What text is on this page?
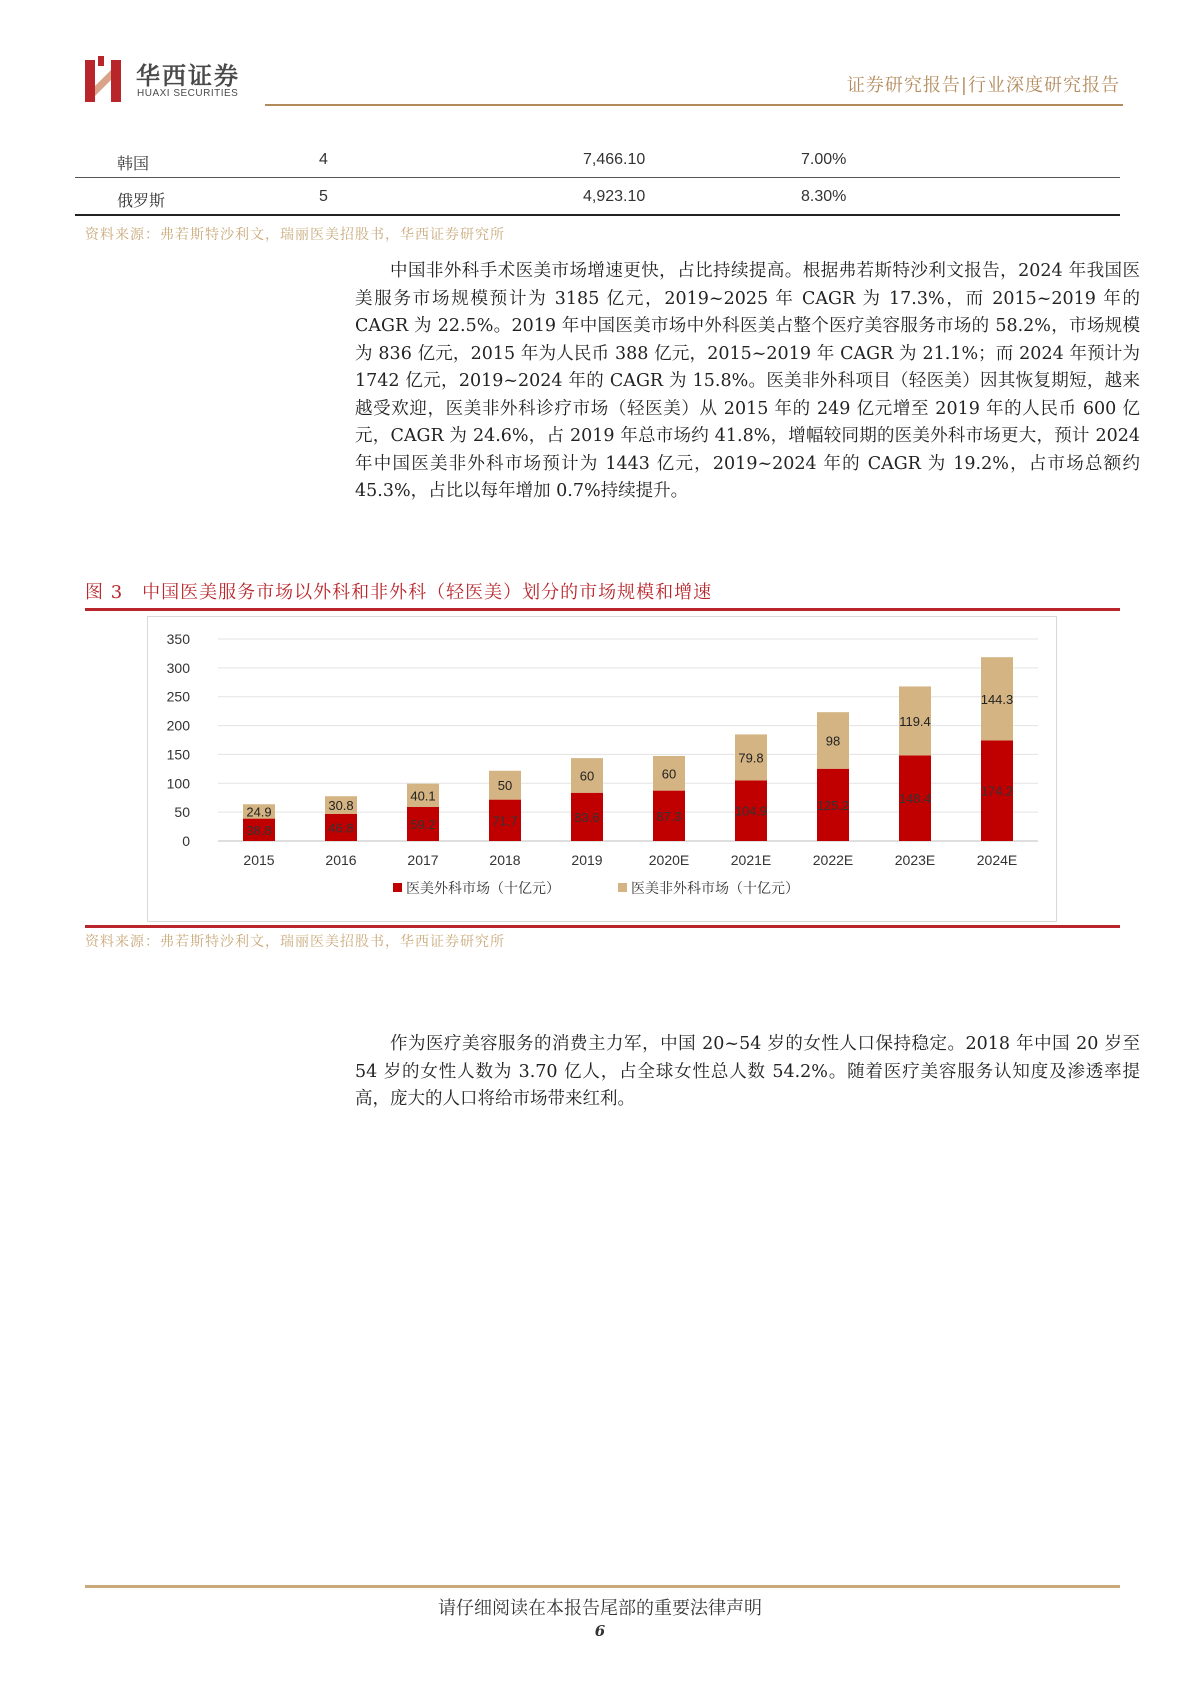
华西证券
HUAXI SECURITIES	证券研究报告|行业深度研究报告
韩国	4	7,466.10	7.00%
俄罗斯	5	4,923.10	8.30%
资料来源：弗若斯特沙利文，瑞丽医美招股书，华西证券研究所

中国非外科手术医美市场增速更快，占比持续提高。根据弗若斯特沙利文报告，2024 年我国医美服务市场规模预计为 3185 亿元，2019~2025 年 CAGR 为 17.3%，而 2015~2019 年的 CAGR 为 22.5%。2019 年中国医美市场中外科医美占整个医疗美容服务市场的 58.2%，市场规模为 836 亿元，2015 年为人民币 388 亿元，2015~2019 年 CAGR 为 21.1%；而 2024 年预计为 1742 亿元，2019~2024 年的 CAGR 为 15.8%。医美非外科项目（轻医美）因其恢复期短，越来越受欢迎，医美非外科诊疗市场（轻医美）从 2015 年的 249 亿元增至 2019 年的人民币 600 亿元，CAGR 为 24.6%，占 2019 年总市场约 41.8%，增幅较同期的医美外科市场更大，预计 2024 年中国医美非外科市场预计为 1443 亿元，2019~2024 年的 CAGR 为 19.2%，占市场总额约 45.3%，占比以每年增加 0.7%持续提升。

图 3　中国医美服务市场以外科和非外科（轻医美）划分的市场规模和增速
0
50
100
150
200
250
300
350
38.8
24.9
2015
46.8
30.8
2016
59.2
40.1
2017
71.7
50
2018
83.6
60
2019
87.3
60
2020E
104.9
79.8
2021E
125.2
98
2022E
148.4
119.4
2023E
174.2
144.3
2024E
医美外科市场（十亿元）	医美非外科市场（十亿元）
资料来源：弗若斯特沙利文，瑞丽医美招股书，华西证券研究所

作为医疗美容服务的消费主力军，中国 20~54 岁的女性人口保持稳定。2018 年中国 20 岁至 54 岁的女性人数为 3.70 亿人，占全球女性总人数 54.2%。随着医疗美容服务认知度及渗透率提高，庞大的人口将给市场带来红利。

请仔细阅读在本报告尾部的重要法律声明
6
